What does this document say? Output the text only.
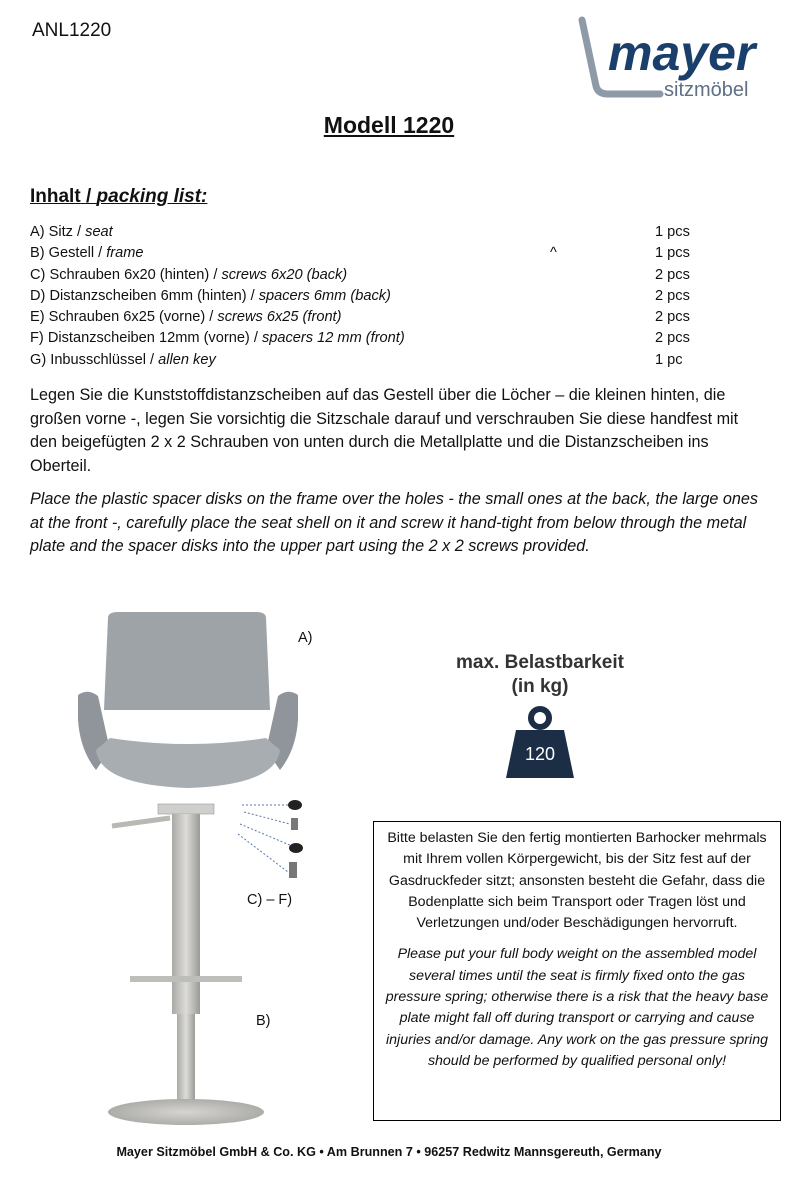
ANL1220	mayer
sitzmöbel
Modell 1220
Inhalt / packing list:
A) Sitz / seat	1 pcs
B) Gestell / frame	^	1 pcs
C) Schrauben 6x20 (hinten) / screws 6x20 (back)	2 pcs
D) Distanzscheiben 6mm (hinten) / spacers 6mm (back)	2 pcs
E) Schrauben 6x25 (vorne) / screws 6x25 (front)	2 pcs
F) Distanzscheiben 12mm (vorne) / spacers 12 mm (front)	2 pcs
G) Inbusschlüssel / allen key	1 pc

Legen Sie die Kunststoffdistanzscheiben auf das Gestell über die Löcher – die kleinen hinten, die großen vorne -, legen Sie vorsichtig die Sitzschale darauf und verschrauben Sie diese handfest mit den beigefügten 2 x 2 Schrauben von unten durch die Metallplatte und die Distanzscheiben ins Oberteil.

Place the plastic spacer disks on the frame over the holes - the small ones at the back, the large ones at the front -, carefully place the seat shell on it and screw it hand-tight from below through the metal plate and the spacer disks into the upper part using the 2 x 2 screws provided.

A)
C) – F)
B)
max. Belastbarkeit
(in kg)
120

Bitte belasten Sie den fertig montierten Barhocker mehrmals mit Ihrem vollen Körpergewicht, bis der Sitz fest auf der Gasdruckfeder sitzt; ansonsten besteht die Gefahr, dass die Bodenplatte sich beim Transport oder Tragen löst und Verletzungen und/oder Beschädigungen hervorruft.

Please put your full body weight on the assembled model several times until the seat is firmly fixed onto the gas pressure spring; otherwise there is a risk that the heavy base plate might fall off during transport or carrying and cause injuries and/or damage. Any work on the gas pressure spring should be performed by qualified personal only!

Mayer Sitzmöbel GmbH & Co. KG • Am Brunnen 7 • 96257 Redwitz Mannsgereuth, Germany
